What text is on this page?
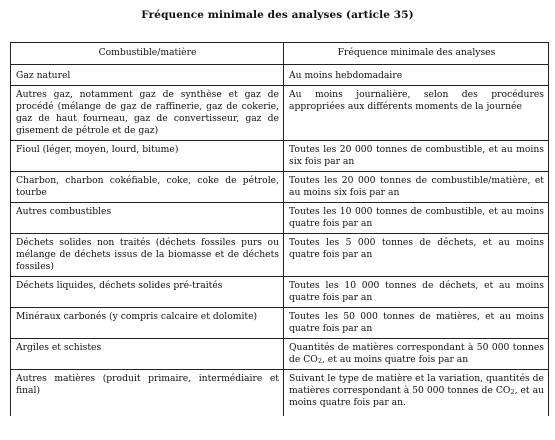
Fréquence minimale des analyses (article 35)
Combustible/matière	Fréquence minimale des analyses
Gaz naturel	Au moins hebdomadaire
Autres gaz, notamment gaz de synthèse et gaz de procédé (mélange de gaz de raffinerie, gaz de cokerie, gaz de haut fourneau, gaz de convertisseur, gaz de gisement de pétrole et de gaz)	Au moins journalière, selon des procédures appropriées aux différents moments de la journée
Fioul (léger, moyen, lourd, bitume)	Toutes les 20 000 tonnes de combustible, et au moins six fois par an
Charbon, charbon cokéfiable, coke, coke de pétrole, tourbe	Toutes les 20 000 tonnes de combustible/matière, et au moins six fois par an
Autres combustibles	Toutes les 10 000 tonnes de combustible, et au moins quatre fois par an
Déchets solides non traités (déchets fossiles purs ou mélange de déchets issus de la biomasse et de déchets fossiles)	Toutes les 5 000 tonnes de déchets, et au moins quatre fois par an
Déchets liquides, déchets solides pré-traités	Toutes les 10 000 tonnes de déchets, et au moins quatre fois par an
Minéraux carbonés (y compris calcaire et dolomite)	Toutes les 50 000 tonnes de matières, et au moins quatre fois par an
Argiles et schistes	Quantités de matières correspondant à 50 000 tonnes de $CO_2$, et au moins quatre fois par an
Autres matières (produit primaire, intermédiaire et final)	Suivant le type de matière et la variation, quantités de matières correspondant à 50 000 tonnes de $CO_2$, et au moins quatre fois par an.
